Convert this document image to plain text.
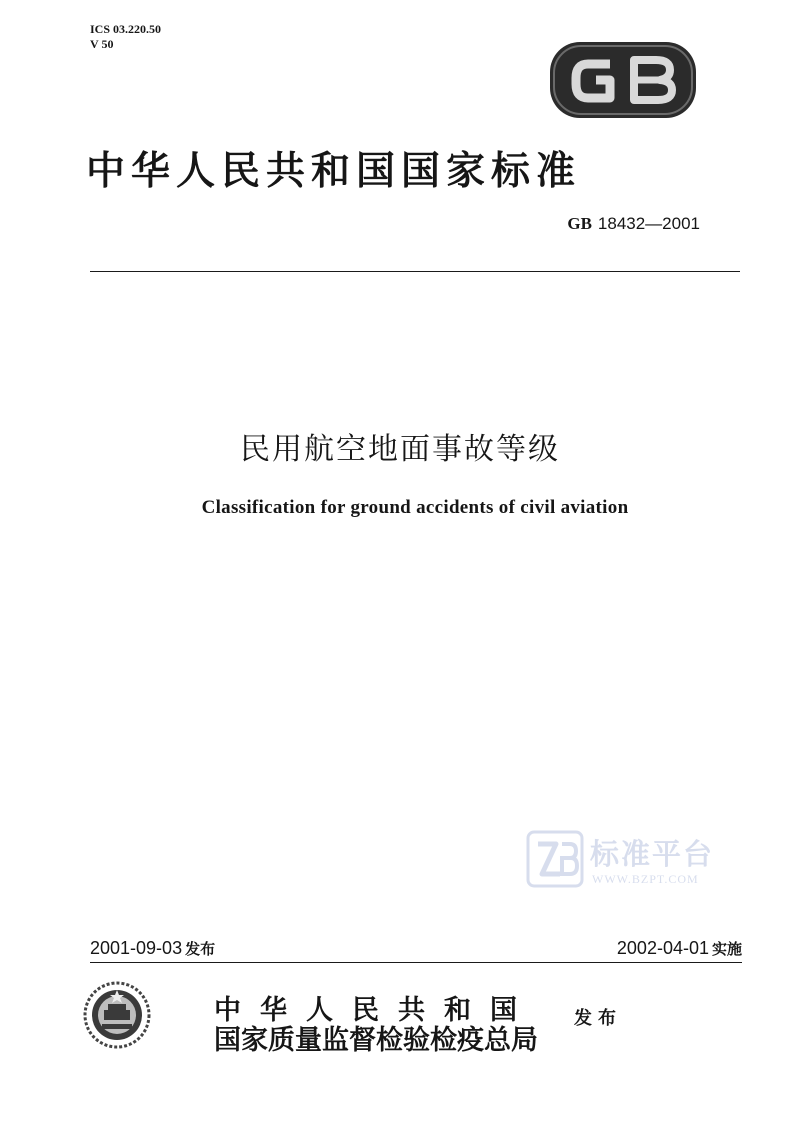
ICS 03.220.50
V 50
中华人民共和国国家标准
GB 18432—2001
民用航空地面事故等级
Classification for ground accidents of civil aviation
标准平台
WWW.BZPT.COM
2001-09-03 发布	2002-04-01 实施
中华人民共和国
国家质量监督检验检疫总局
发布
